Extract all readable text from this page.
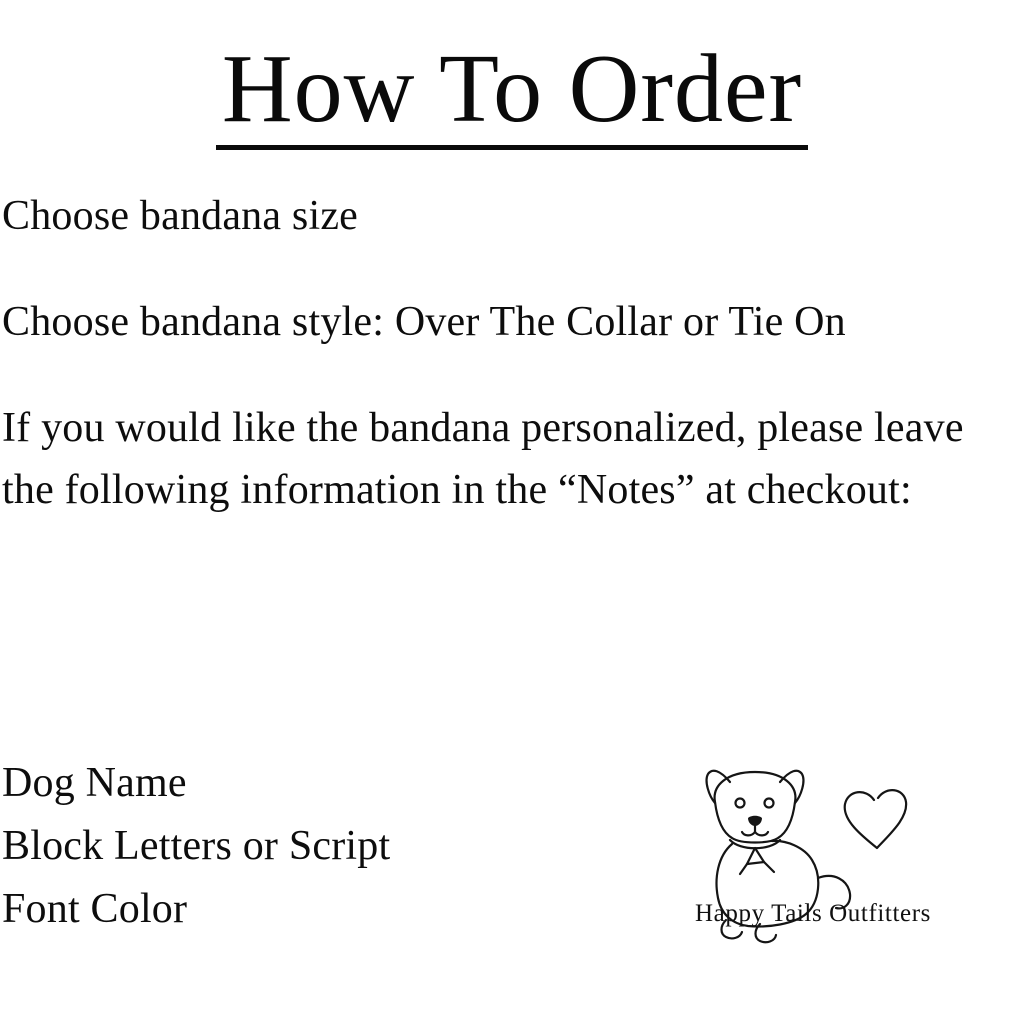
How To Order

Choose bandana size

Choose bandana style: Over The Collar or Tie On

If you would like the bandana personalized, please leave the following information in the “Notes” at checkout:

Dog Name
Block Letters or Script
Font Color	Happy Tails Outfitters
